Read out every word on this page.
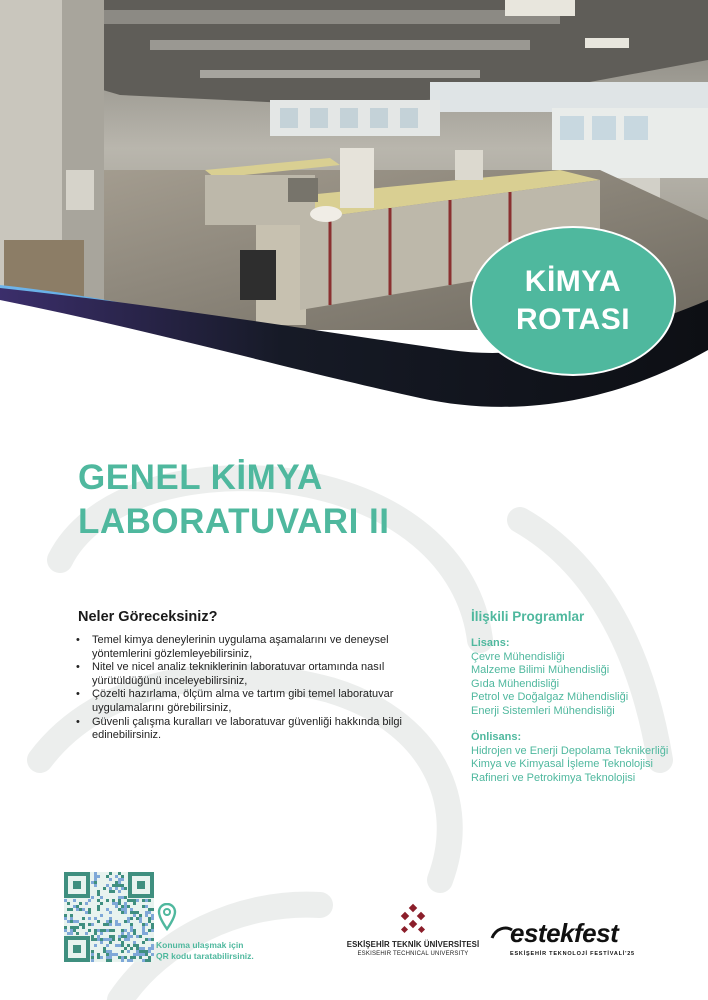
KİMYA
ROTASI
GENEL KİMYA
LABORATUVARI II
Neler Göreceksiniz?
• Temel kimya deneylerinin uygulama aşamalarını ve deneysel yöntemlerini gözlemleyebilirsiniz,
• Nitel ve nicel analiz tekniklerinin laboratuvar ortamında nasıl yürütüldüğünü inceleyebilirsiniz,
• Çözelti hazırlama, ölçüm alma ve tartım gibi temel laboratuvar uygulamalarını görebilirsiniz,
• Güvenli çalışma kuralları ve laboratuvar güvenliği hakkında bilgi edinebilirsiniz.
İlişkili Programlar
Lisans:
Çevre Mühendisliği
Malzeme Bilimi Mühendisliği
Gıda Mühendisliği
Petrol ve Doğalgaz Mühendisliği
Enerji Sistemleri Mühendisliği
Önlisans:
Hidrojen ve Enerji Depolama Teknikerliği
Kimya ve Kimyasal İşleme Teknolojisi
Rafineri ve Petrokimya Teknolojisi
Konuma ulaşmak için
QR kodu taratabilirsiniz.
ESKİŞEHİR TEKNİK ÜNİVERSİTESİ
ESKISEHIR TECHNICAL UNIVERSITY
estekfest
ESKİŞEHİR TEKNOLOJİ FESTİVALİ'25
